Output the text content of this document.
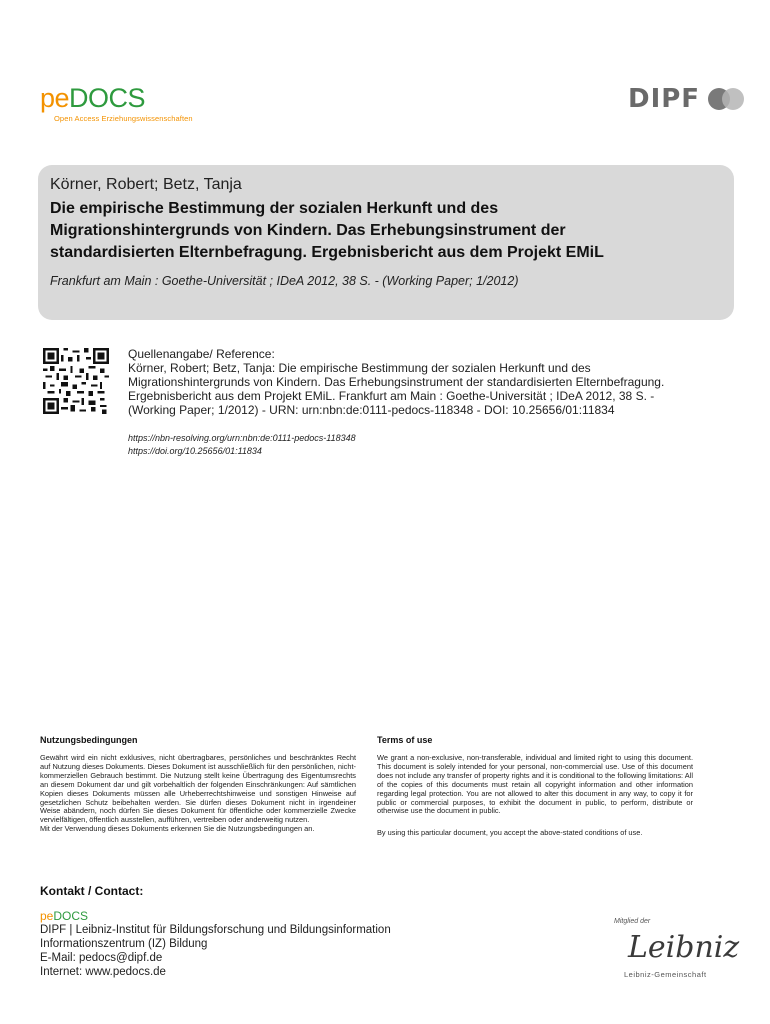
peDOCS
Open Access Erziehungswissenschaften
DIPF
Körner, Robert; Betz, Tanja
Die empirische Bestimmung der sozialen Herkunft und des
Migrationshintergrunds von Kindern. Das Erhebungsinstrument der
standardisierten Elternbefragung. Ergebnisbericht aus dem Projekt EMiL
Frankfurt am Main : Goethe-Universität ; IDeA 2012, 38 S. - (Working Paper; 1/2012)
Quellenangabe/ Reference:
Körner, Robert; Betz, Tanja: Die empirische Bestimmung der sozialen Herkunft und des
Migrationshintergrunds von Kindern. Das Erhebungsinstrument der standardisierten Elternbefragung.
Ergebnisbericht aus dem Projekt EMiL. Frankfurt am Main : Goethe-Universität ; IDeA 2012, 38 S. -
(Working Paper; 1/2012) - URN: urn:nbn:de:0111-pedocs-118348 - DOI: 10.25656/01:11834
https://nbn-resolving.org/urn:nbn:de:0111-pedocs-118348
https://doi.org/10.25656/01:11834
Nutzungsbedingungen
Gewährt wird ein nicht exklusives, nicht übertragbares, persönliches und beschränktes Recht auf Nutzung dieses Dokuments. Dieses Dokument ist ausschließlich für den persönlichen, nicht-kommerziellen Gebrauch bestimmt. Die Nutzung stellt keine Übertragung des Eigentumsrechts an diesem Dokument dar und gilt vorbehaltlich der folgenden Einschränkungen: Auf sämtlichen Kopien dieses Dokuments müssen alle Urheberrechtshinweise und sonstigen Hinweise auf gesetzlichen Schutz beibehalten werden. Sie dürfen dieses Dokument nicht in irgendeiner Weise abändern, noch dürfen Sie dieses Dokument für öffentliche oder kommerzielle Zwecke vervielfältigen, öffentlich ausstellen, aufführen, vertreiben oder anderweitig nutzen.
Mit der Verwendung dieses Dokuments erkennen Sie die Nutzungsbedingungen an.
Terms of use
We grant a non-exclusive, non-transferable, individual and limited right to using this document. This document is solely intended for your personal, non-commercial use. Use of this document does not include any transfer of property rights and it is conditional to the following limitations: All of the copies of this documents must retain all copyright information and other information regarding legal protection. You are not allowed to alter this document in any way, to copy it for public or commercial purposes, to exhibit the document in public, to perform, distribute or otherwise use the document in public.
By using this particular document, you accept the above-stated conditions of use.
Kontakt / Contact:
peDOCS
DIPF | Leibniz-Institut für Bildungsforschung und Bildungsinformation
Informationszentrum (IZ) Bildung
E-Mail: pedocs@dipf.de
Internet: www.pedocs.de
Mitglied der
Leibniz
Leibniz-Gemeinschaft
